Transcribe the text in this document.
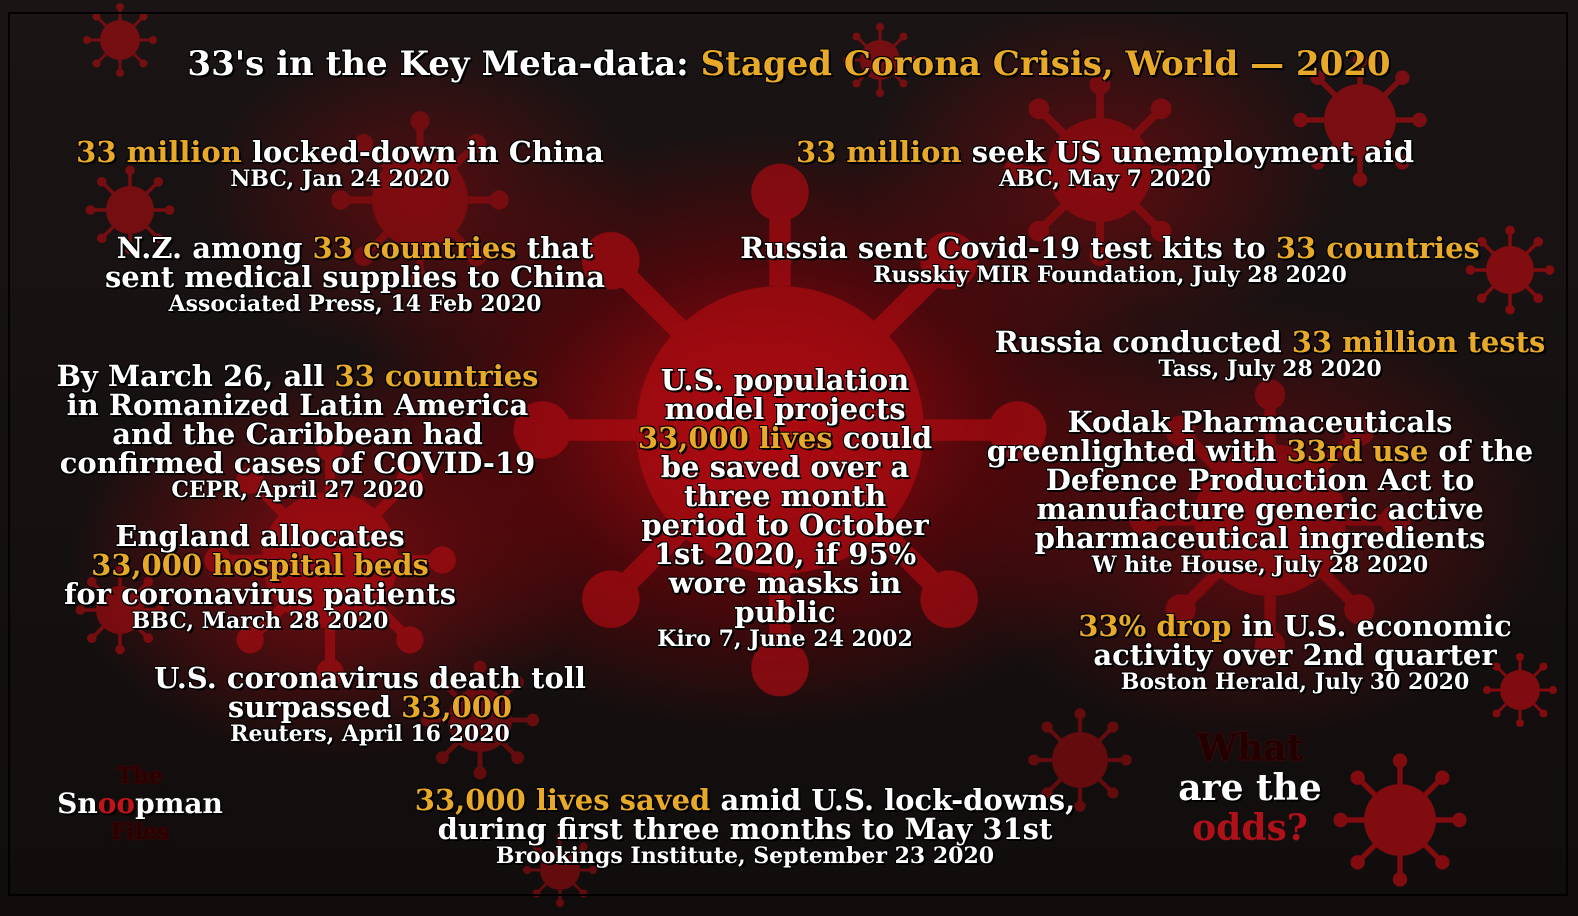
33's in the Key Meta-data: Staged Corona Crisis, World — 2020
33 million locked-down in China
NBC, Jan 24 2020
33 million seek US unemployment aid
ABC, May 7 2020
N.Z. among 33 countries that
sent medical supplies to China
Associated Press, 14 Feb 2020
Russia sent Covid-19 test kits to 33 countries
Russkiy MIR Foundation, July 28 2020
Russia conducted 33 million tests
Tass, July 28 2020
By March 26, all 33 countries
in Romanized Latin America
and the Caribbean had
confirmed cases of COVID-19
CEPR, April 27 2020
U.S. population
model projects
33,000 lives could
be saved over a
three month
period to October
1st 2020, if 95%
wore masks in
public
Kiro 7, June 24 2002
Kodak Pharmaceuticals
greenlighted with 33rd use of the
Defence Production Act to
manufacture generic active
pharmaceutical ingredients
W hite House, July 28 2020
England allocates
33,000 hospital beds
for coronavirus patients
BBC, March 28 2020	33% drop in U.S. economic
activity over 2nd quarter
Boston Herald, July 30 2020
U.S. coronavirus death toll
surpassed 33,000
Reuters, April 16 2020
33,000 lives saved amid U.S. lock-downs,
during first three months to May 31st
Brookings Institute, September 23 2020
The
Snoopman
Files
What
are the
odds?
